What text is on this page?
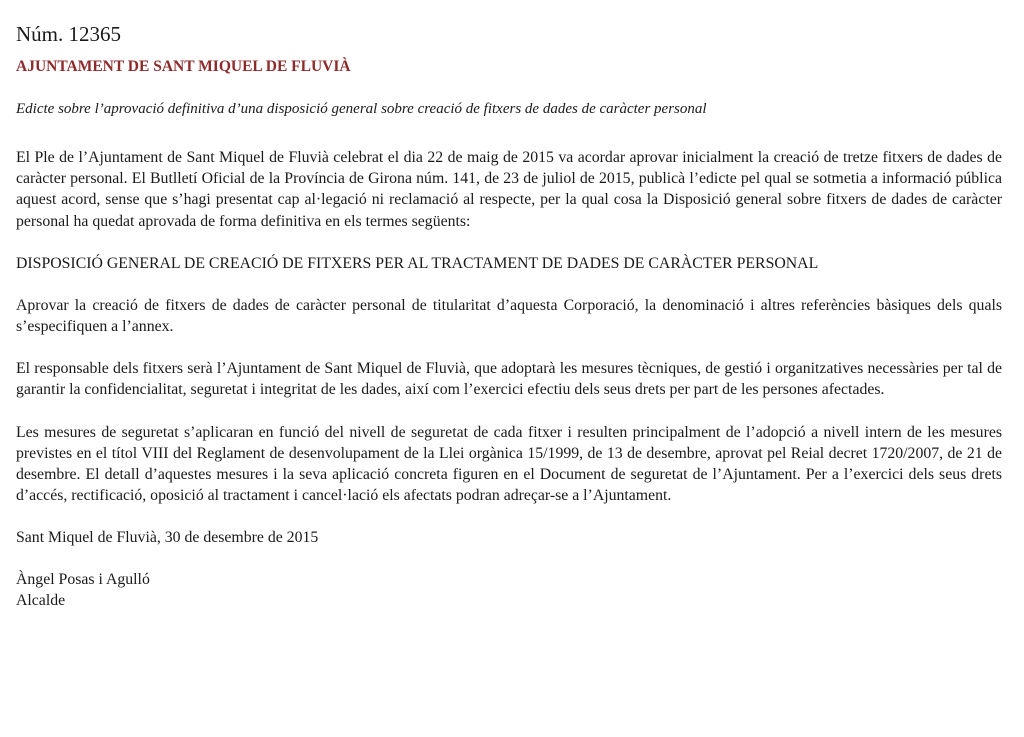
Núm. 12365
AJUNTAMENT DE SANT MIQUEL DE FLUVIÀ
Edicte sobre l’aprovació definitiva d’una disposició general sobre creació de fitxers de dades de caràcter personal

El Ple de l’Ajuntament de Sant Miquel de Fluvià celebrat el dia 22 de maig de 2015 va acordar aprovar inicialment la creació de tretze fitxers de dades de caràcter personal. El Butlletí Oficial de la Província de Girona núm. 141, de 23 de juliol de 2015, publicà l’edicte pel qual se sotmetia a informació pública aquest acord, sense que s’hagi presentat cap al·legació ni reclamació al respecte, per la qual cosa la Disposició general sobre fitxers de dades de caràcter personal ha quedat aprovada de forma definitiva en els termes següents:

DISPOSICIÓ GENERAL DE CREACIÓ DE FITXERS PER AL TRACTAMENT DE DADES DE CARÀCTER PERSONAL

Aprovar la creació de fitxers de dades de caràcter personal de titularitat d’aquesta Corporació, la denominació i altres referències bàsiques dels quals s’especifiquen a l’annex.

El responsable dels fitxers serà l’Ajuntament de Sant Miquel de Fluvià, que adoptarà les mesures tècniques, de gestió i organitzatives necessàries per tal de garantir la confidencialitat, seguretat i integritat de les dades, així com l’exercici efectiu dels seus drets per part de les persones afectades.

Les mesures de seguretat s’aplicaran en funció del nivell de seguretat de cada fitxer i resulten principalment de l’adopció a nivell intern de les mesures previstes en el títol VIII del Reglament de desenvolupament de la Llei orgànica 15/1999, de 13 de desembre, aprovat pel Reial decret 1720/2007, de 21 de desembre. El detall d’aquestes mesures i la seva aplicació concreta figuren en el Document de seguretat de l’Ajuntament. Per a l’exercici dels seus drets d’accés, rectificació, oposició al tractament i cancel·lació els afectats podran adreçar-se a l’Ajuntament.

Sant Miquel de Fluvià, 30 de desembre de 2015
Àngel Posas i Agulló
Alcalde
